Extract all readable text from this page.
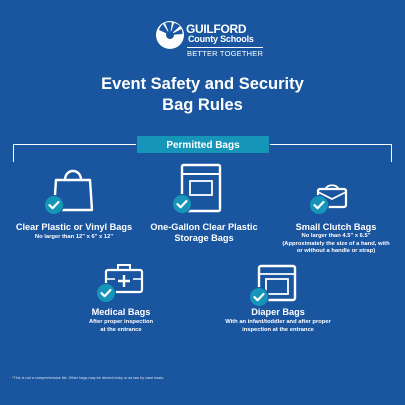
GUILFORD
County Schools
BETTER TOGETHER
Event Safety and Security
Bag Rules
Permitted Bags
Clear Plastic or Vinyl Bags
No larger than 12" x 6" x 12"
One-Gallon Clear Plastic
Storage Bags
Small Clutch Bags
No larger than 4.5" x 6.5"
(Approximately the size of a hand, with
or without a handle or strap)
Medical Bags
After proper inspection
at the entrance
Diaper Bags
With an infant/toddler and after proper
inspection at the entrance
*This is not a comprehensive list. Other bags may be denied entry or as law by case basis.
